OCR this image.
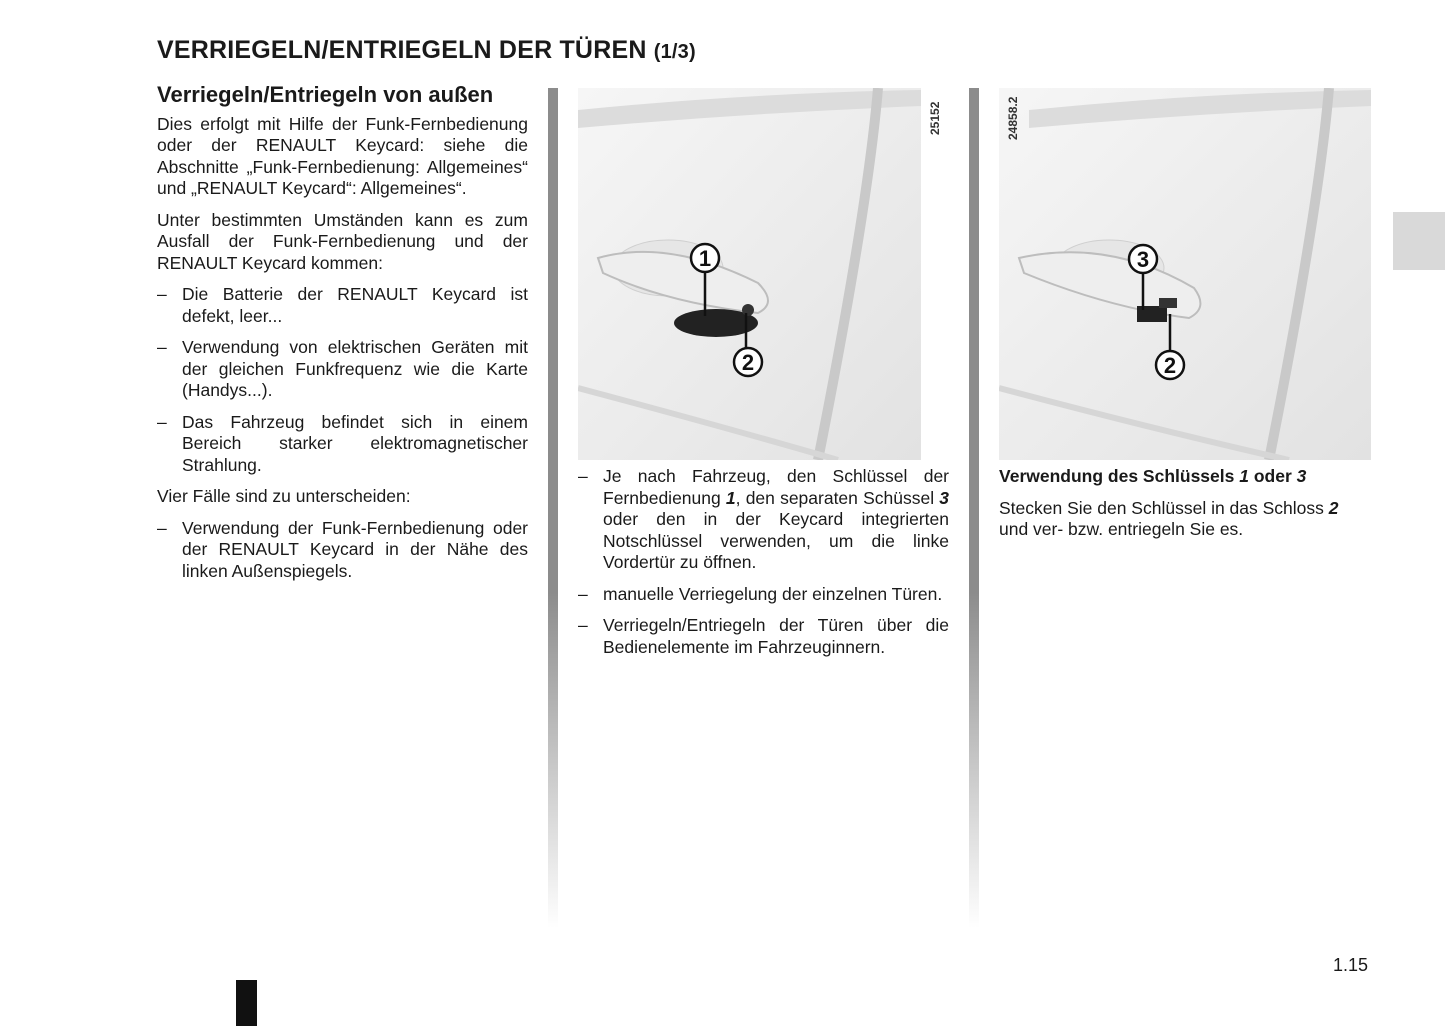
VERRIEGELN/ENTRIEGELN DER TÜREN (1/3)

Verriegeln/Entriegeln von außen

Dies erfolgt mit Hilfe der Funk-Fernbedienung oder der RENAULT Keycard: siehe die Abschnitte „Funk-Fernbedienung: Allgemeines“ und „RENAULT Keycard“: Allgemeines“.

Unter bestimmten Umständen kann es zum Ausfall der Funk-Fernbedienung und der RENAULT Keycard kommen:

– Die Batterie der RENAULT Keycard ist defekt, leer...
– Verwendung von elektrischen Geräten mit der gleichen Funkfrequenz wie die Karte (Handys...).
– Das Fahrzeug befindet sich in einem Bereich starker elektromagnetischer Strahlung.

Vier Fälle sind zu unterscheiden:

– Verwendung der Funk-Fernbedienung oder der RENAULT Keycard in der Nähe des linken Außenspiegels.
1
2
25152
– Je nach Fahrzeug, den Schlüssel der Fernbedienung 1, den separaten Schüssel 3 oder den in der Keycard integrierten Notschlüssel verwenden, um die linke Vordertür zu öffnen.
– manuelle Verriegelung der einzelnen Türen.
– Verriegeln/Entriegeln der Türen über die Bedienelemente im Fahrzeuginnern.
3
2
24858.2

Verwendung des Schlüssels 1 oder 3

Stecken Sie den Schlüssel in das Schloss 2 und ver- bzw. entriegeln Sie es.

1.15
